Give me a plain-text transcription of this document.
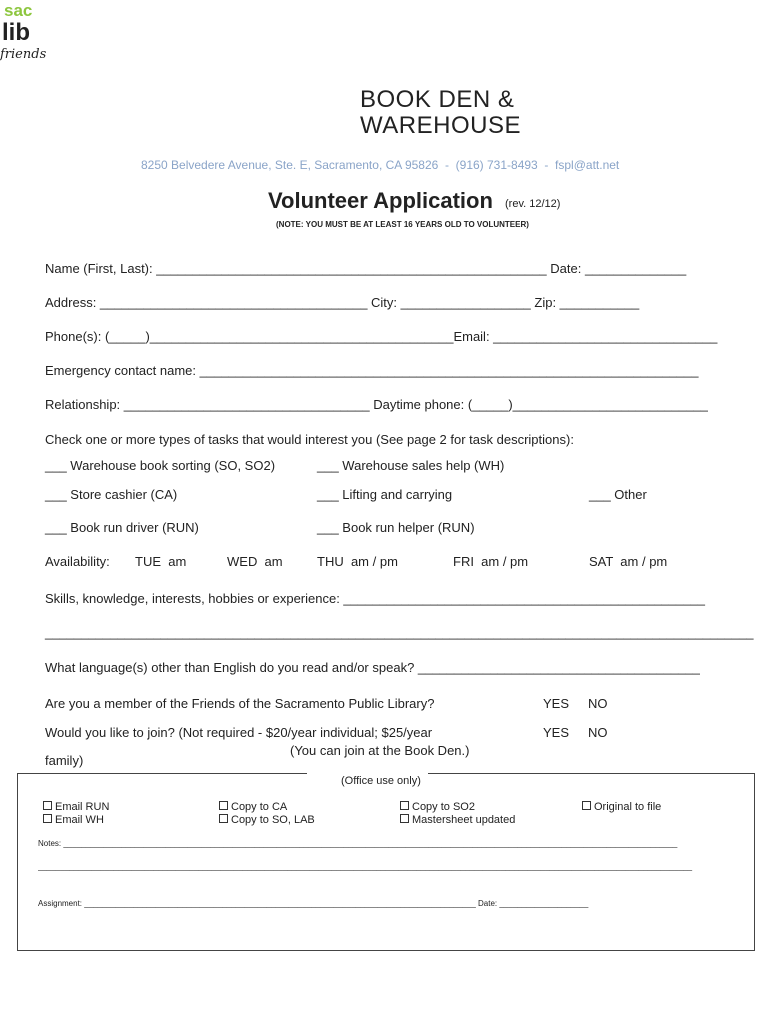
sac
lib
friends
BOOK DEN &
WAREHOUSE
8250 Belvedere Avenue, Ste. E, Sacramento, CA 95826  -  (916) 731-8493  -  fspl@att.net
Volunteer Application (rev. 12/12)
(NOTE: YOU MUST BE AT LEAST 16 YEARS OLD TO VOLUNTEER)
Name (First, Last): ______________________________________________________ Date: ______________
Address: _____________________________________ City: __________________ Zip: ___________
Phone(s): (_____)__________________________________________Email: _______________________________
Emergency contact name: _____________________________________________________________________
Relationship: __________________________________ Daytime phone: (_____)___________________________
Check one or more types of tasks that would interest you (See page 2 for task descriptions):
___ Warehouse book sorting (SO, SO2)	___ Warehouse sales help (WH)
___ Store cashier (CA)	___ Lifting and carrying	___ Other
___ Book run driver (RUN)	___ Book run helper (RUN)
Availability: TUE  am	WED  am	THU  am / pm	FRI  am / pm	SAT  am / pm
Skills, knowledge, interests, hobbies or experience: __________________________________________________
__________________________________________________________________________________________________
What language(s) other than English do you read and/or speak? _______________________________________
Are you a member of the Friends of the Sacramento Public Library?	YES NO
Would you like to join? (Not required - $20/year individual; $25/year	YES NO
(You can join at the Book Den.)
family)
(Office use only)
Email RUN
Email WH
Copy to CA
Copy to SO, LAB
Copy to SO2
Mastersheet updated
Original to file
Notes: __________________________________________________________________________________________________________________________________________
___________________________________________________________________________________________________________________________________________________
Assignment: ________________________________________________________________________________________ Date: ____________________
